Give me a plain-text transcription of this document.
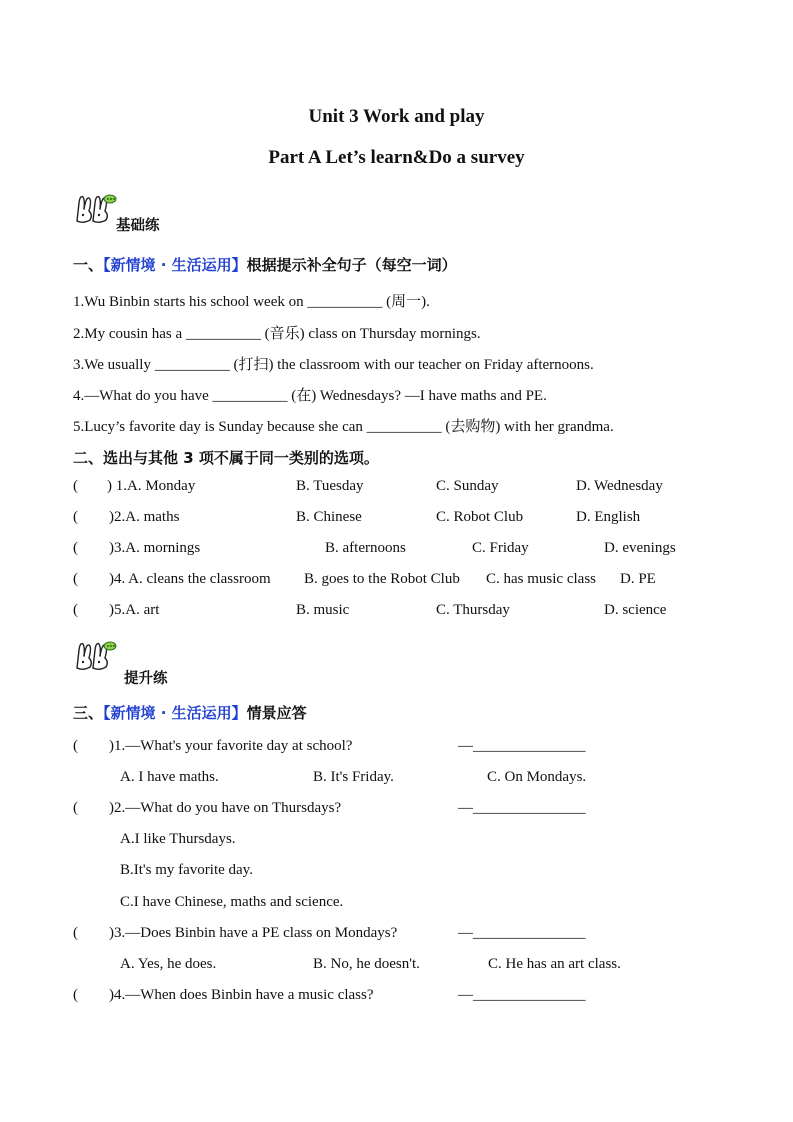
Unit 3 Work and play
Part A Let’s learn&Do a survey
基础练
一、【新情境 · 生活运用】根据提示补全句子（每空一词）
1.Wu Binbin starts his school week on __________ (周一).
2.My cousin has a __________ (音乐) class on Thursday mornings.
3.We usually __________ (打扫) the classroom with our teacher on Friday afternoons.
4.—What do you have __________ (在) Wednesdays? —I have maths and PE.
5.Lucy’s favorite day is Sunday because she can __________ (去购物) with her grandma.
二、选出与其他 3 项不属于同一类别的选项。
( ) 1.A. Monday	B. Tuesday	C. Sunday	D. Wednesday
( )2.A. maths	B. Chinese	C. Robot Club	D. English
( )3.A. mornings	B. afternoons	C. Friday	D. evenings
( )4. A. cleans the classroom B. goes to the Robot Club C. has music class D. PE
( )5.A. art	B. music	C. Thursday	D. science
提升练
三、【新情境 · 生活运用】情景应答
( )1.—What's your favorite day at school?	—_______________
A. I have maths.	B. It's Friday.	C. On Mondays.
( )2.—What do you have on Thursdays?	—_______________
A.I like Thursdays.
B.It's my favorite day.
C.I have Chinese, maths and science.
( )3.—Does Binbin have a PE class on Mondays?	—_______________
A. Yes, he does.	B. No, he doesn't.	C. He has an art class.
( )4.—When does Binbin have a music class?	—_______________
